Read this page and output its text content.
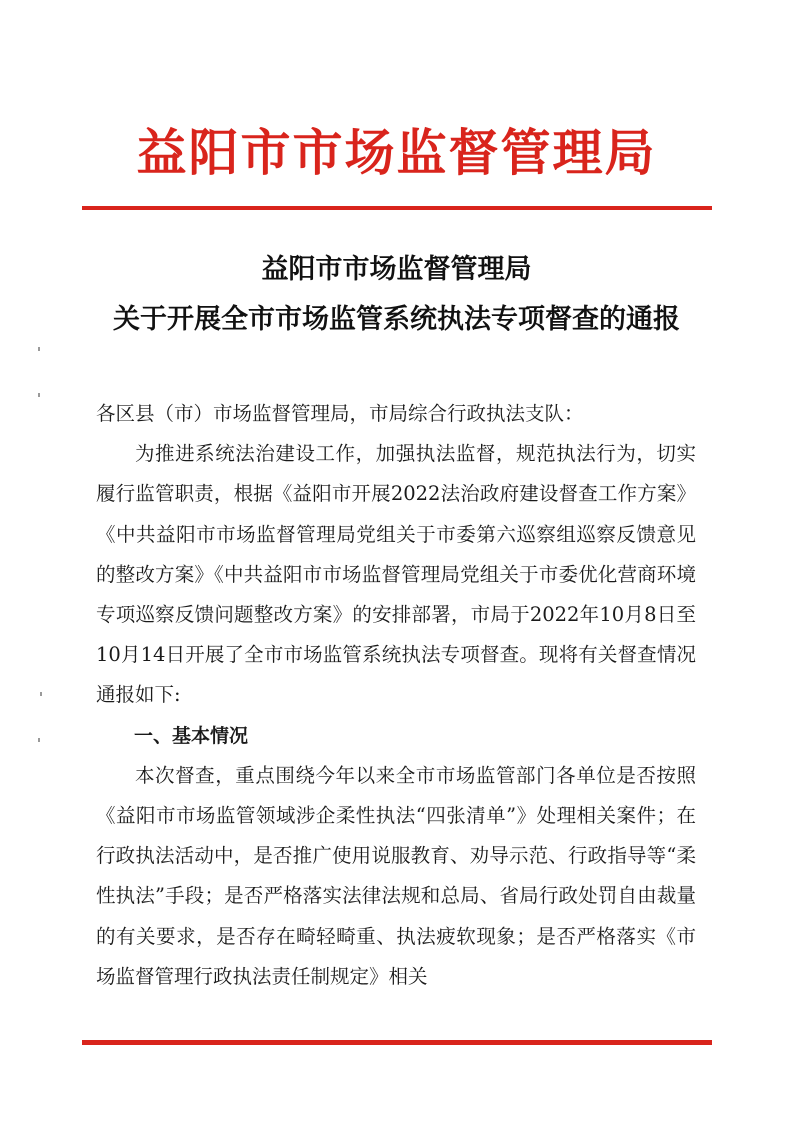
益阳市市场监督管理局
益阳市市场监督管理局
关于开展全市市场监管系统执法专项督查的通报

各区县（市）市场监督管理局，市局综合行政执法支队：

为推进系统法治建设工作，加强执法监督，规范执法行为，切实履行监管职责，根据《益阳市开展2022法治政府建设督查工作方案》《中共益阳市市场监督管理局党组关于市委第六巡察组巡察反馈意见的整改方案》《中共益阳市市场监督管理局党组关于市委优化营商环境专项巡察反馈问题整改方案》的安排部署，市局于2022年10月8日至10月14日开展了全市市场监管系统执法专项督查。现将有关督查情况通报如下:

一、基本情况

本次督查，重点围绕今年以来全市市场监管部门各单位是否按照《益阳市市场监管领域涉企柔性执法“四张清单”》处理相关案件；在行政执法活动中，是否推广使用说服教育、劝导示范、行政指导等“柔性执法”手段；是否严格落实法律法规和总局、省局行政处罚自由裁量的有关要求，是否存在畸轻畸重、执法疲软现象；是否严格落实《市场监督管理行政执法责任制规定》相关
